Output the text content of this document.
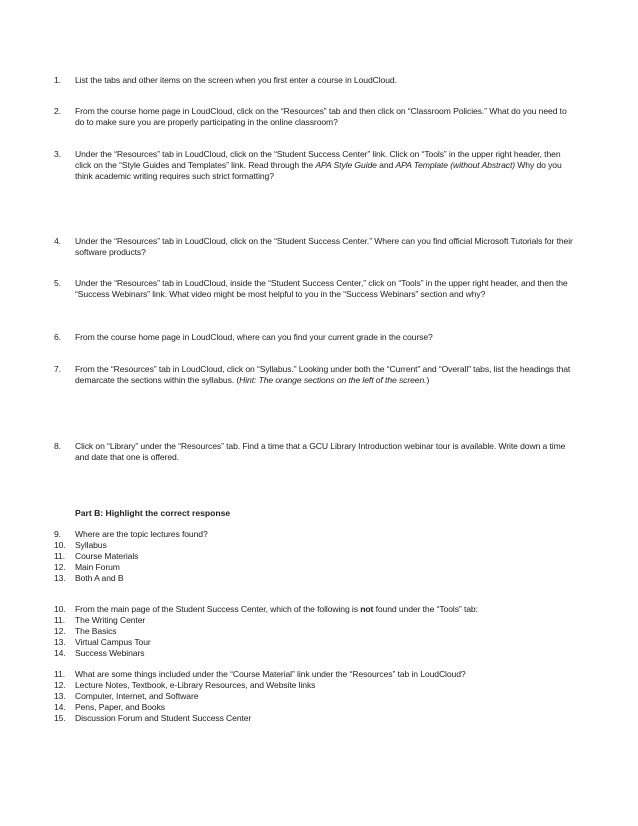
1.	List the tabs and other items on the screen when you first enter a course in LoudCloud.
2.	From the course home page in LoudCloud, click on the “Resources” tab and then click on “Classroom Policies.” What do you need to do to make sure you are properly participating in the online classroom?
3.	Under the “Resources” tab in LoudCloud, click on the “Student Success Center” link. Click on “Tools” in the upper right header, then click on the “Style Guides and Templates” link. Read through the APA Style Guide and APA Template (without Abstract) Why do you think academic writing requires such strict formatting?
4.	Under the “Resources” tab in LoudCloud, click on the “Student Success Center.” Where can you find official Microsoft Tutorials for their software products?
5.	Under the “Resources” tab in LoudCloud, inside the “Student Success Center,” click on “Tools” in the upper right header, and then the “Success Webinars” link. What video might be most helpful to you in the “Success Webinars” section and why?
6.	From the course home page in LoudCloud, where can you find your current grade in the course?
7.	From the “Resources” tab in LoudCloud, click on “Syllabus.” Looking under both the “Current” and “Overall” tabs, list the headings that demarcate the sections within the syllabus. (Hint: The orange sections on the left of the screen.)
8.	Click on “Library” under the “Resources” tab. Find a time that a GCU Library Introduction webinar tour is available. Write down a time and date that one is offered.
Part B: Highlight the correct response
9.	Where are the topic lectures found?
10.	Syllabus
11.	Course Materials
12.	Main Forum
13.	Both A and B
10.	From the main page of the Student Success Center, which of the following is not found under the “Tools” tab:
11.	The Writing Center
12.	The Basics
13.	Virtual Campus Tour
14.	Success Webinars
11.	What are some things included under the “Course Material” link under the “Resources” tab in LoudCloud?
12.	Lecture Notes, Textbook, e-Library Resources, and Website links
13.	Computer, Internet, and Software
14.	Pens, Paper, and Books
15.	Discussion Forum and Student Success Center
